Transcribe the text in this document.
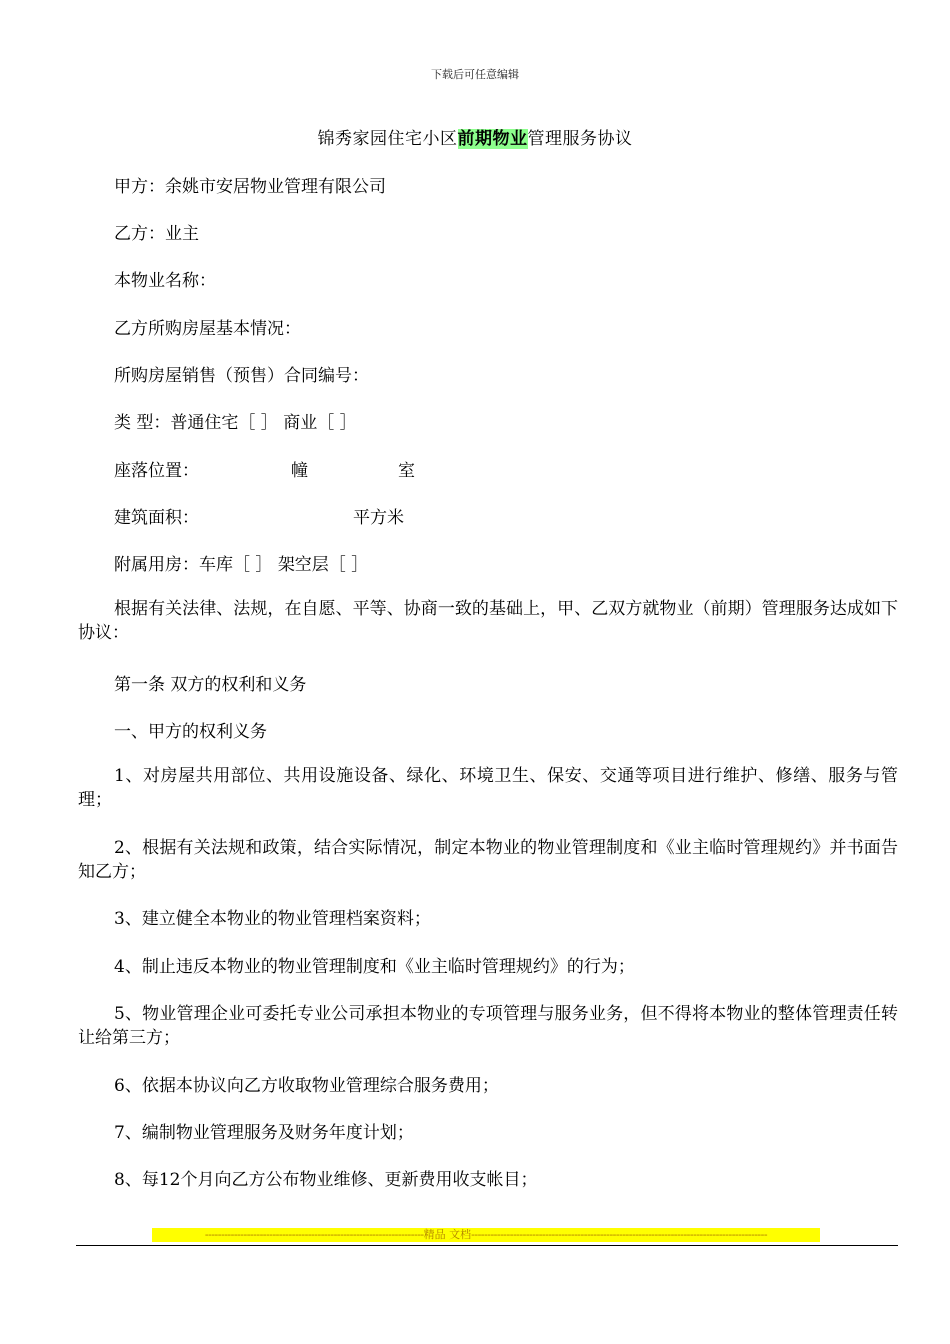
下载后可任意编辑
锦秀家园住宅小区前期物业管理服务协议
甲方：余姚市安居物业管理有限公司
乙方：业主
本物业名称：
乙方所购房屋基本情况：
所购房屋销售（预售）合同编号：
类 型：普通住宅［ ］ 商业［ ］
座落位置：	幢	室
建筑面积：	平方米
附属用房：车库［ ］ 架空层［ ］
根据有关法律、法规，在自愿、平等、协商一致的基础上，甲、乙双方就物业（前期）管理服务达成如下协议：
第一条 双方的权利和义务
一、甲方的权利义务
1、对房屋共用部位、共用设施设备、绿化、环境卫生、保安、交通等项目进行维护、修缮、服务与管理；
2、根据有关法规和政策，结合实际情况，制定本物业的物业管理制度和《业主临时管理规约》并书面告知乙方；
3、建立健全本物业的物业管理档案资料；
4、制止违反本物业的物业管理制度和《业主临时管理规约》的行为；
5、物业管理企业可委托专业公司承担本物业的专项管理与服务业务，但不得将本物业的整体管理责任转让给第三方；
6、依据本协议向乙方收取物业管理综合服务费用；
7、编制物业管理服务及财务年度计划；
8、每12个月向乙方公布物业维修、更新费用收支帐目；
--------------------------------------------------------------------精品 文档--------------------------------------------------------------------------------------------
